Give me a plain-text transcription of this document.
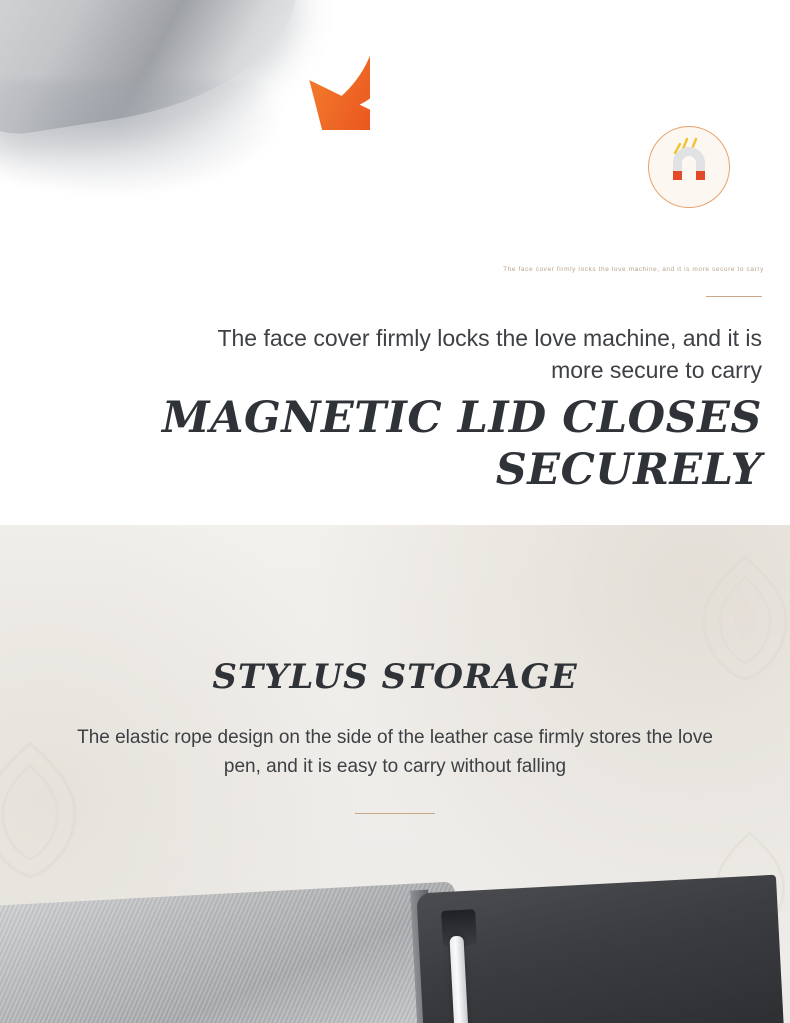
The face cover firmly locks the love machine, and it is more secure to carry
The face cover firmly locks the love machine, and it is more secure to carry
MAGNETIC LID CLOSES SECURELY
STYLUS STORAGE
The elastic rope design on the side of the leather case firmly stores the love pen, and it is easy to carry without falling
